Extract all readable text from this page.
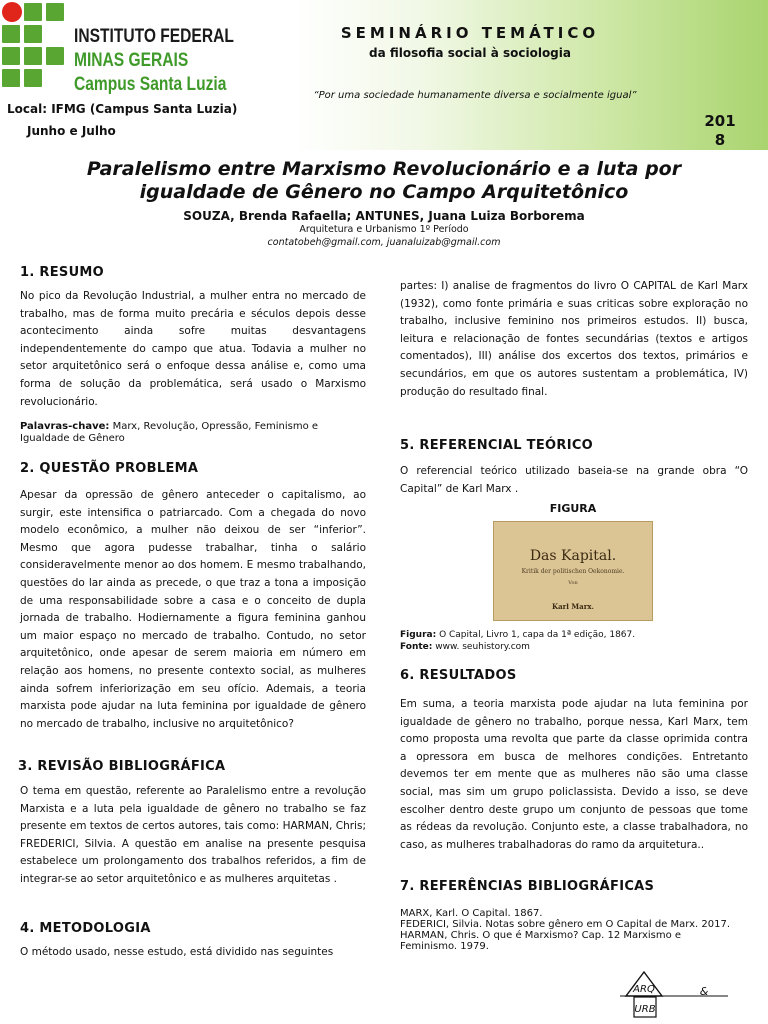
INSTITUTO FEDERAL
MINAS GERAIS
Campus Santa Luzia
Local: IFMG (Campus Santa Luzia)
Junho e Julho
SEMINÁRIO TEMÁTICO
da filosofia social à sociologia
“Por uma sociedade humanamente diversa e socialmente igual”
201
8
Paralelismo entre Marxismo Revolucionário e a luta por
igualdade de Gênero no Campo Arquitetônico
SOUZA, Brenda Rafaella; ANTUNES, Juana Luiza Borborema
Arquitetura e Urbanismo 1º Período
contatobeh@gmail.com, juanaluizab@gmail.com
1. RESUMO

No pico da Revolução Industrial, a mulher entra no mercado de trabalho, mas de forma muito precária e séculos depois desse acontecimento ainda sofre muitas desvantagens independentemente do campo que atua. Todavia a mulher no setor arquitetônico será o enfoque dessa análise e, como uma forma de solução da problemática, será usado o Marxismo revolucionário.

Palavras-chave: Marx, Revolução, Opressão, Feminismo e Igualdade de Gênero

2. QUESTÃO PROBLEMA

Apesar da opressão de gênero anteceder o capitalismo, ao surgir, este intensifica o patriarcado. Com a chegada do novo modelo econômico, a mulher não deixou de ser “inferior”. Mesmo que agora pudesse trabalhar, tinha o salário consideravelmente menor ao dos homem. E mesmo trabalhando, questões do lar ainda as precede, o que traz a tona a imposição de uma responsabilidade sobre a casa e o conceito de dupla jornada de trabalho. Hodiernamente a figura feminina ganhou um maior espaço no mercado de trabalho. Contudo, no setor arquitetônico, onde apesar de serem maioria em número em relação aos homens, no presente contexto social, as mulheres ainda sofrem inferiorização em seu ofício. Ademais, a teoria marxista pode ajudar na luta feminina por igualdade de gênero no mercado de trabalho, inclusive no arquitetônico?

3. REVISÃO BIBLIOGRÁFICA

O tema em questão, referente ao Paralelismo entre a revolução Marxista e a luta pela igualdade de gênero no trabalho se faz presente em textos de certos autores, tais como: HARMAN, Chris; FREDERICI, Silvia. A questão em analise na presente pesquisa estabelece um prolongamento dos trabalhos referidos, a fim de integrar-se ao setor arquitetônico e as mulheres arquitetas .

4. METODOLOGIA

O método usado, nesse estudo, está dividido nas seguintes

partes: I) analise de fragmentos do livro O CAPITAL de Karl Marx (1932), como fonte primária e suas criticas sobre exploração no trabalho, inclusive feminino nos primeiros estudos. II) busca, leitura e relacionação de fontes secundárias (textos e artigos comentados), III) análise dos excertos dos textos, primários e secundários, em que os autores sustentam a problemática, IV) produção do resultado final.

5. REFERENCIAL TEÓRICO

O referencial teórico utilizado baseia-se na grande obra “O Capital” de Karl Marx .

FIGURA
Das Kapital.
Kritik der politischen Oekonomie.
Von
Karl Marx.

Figura: O Capital, Livro 1, capa da 1ª edição, 1867.

Fonte: www. seuhistory.com

6. RESULTADOS

Em suma, a teoria marxista pode ajudar na luta feminina por igualdade de gênero no trabalho, porque nessa, Karl Marx, tem como proposta uma revolta que parte da classe oprimida contra a opressora em busca de melhores condições. Entretanto devemos ter em mente que as mulheres não são uma classe social, mas sim um grupo policlassista. Devido a isso, se deve escolher dentro deste grupo um conjunto de pessoas que tome as rédeas da revolução. Conjunto este, a classe trabalhadora, no caso, as mulheres trabalhadoras do ramo da arquitetura..

7. REFERÊNCIAS BIBLIOGRÁFICAS
MARX, Karl. O Capital. 1867.
FEDERICI, Silvia. Notas sobre gênero em O Capital de Marx. 2017.
HARMAN, Chris. O que é Marxismo? Cap. 12 Marxismo e Feminismo. 1979.
ARQ
URB
&
